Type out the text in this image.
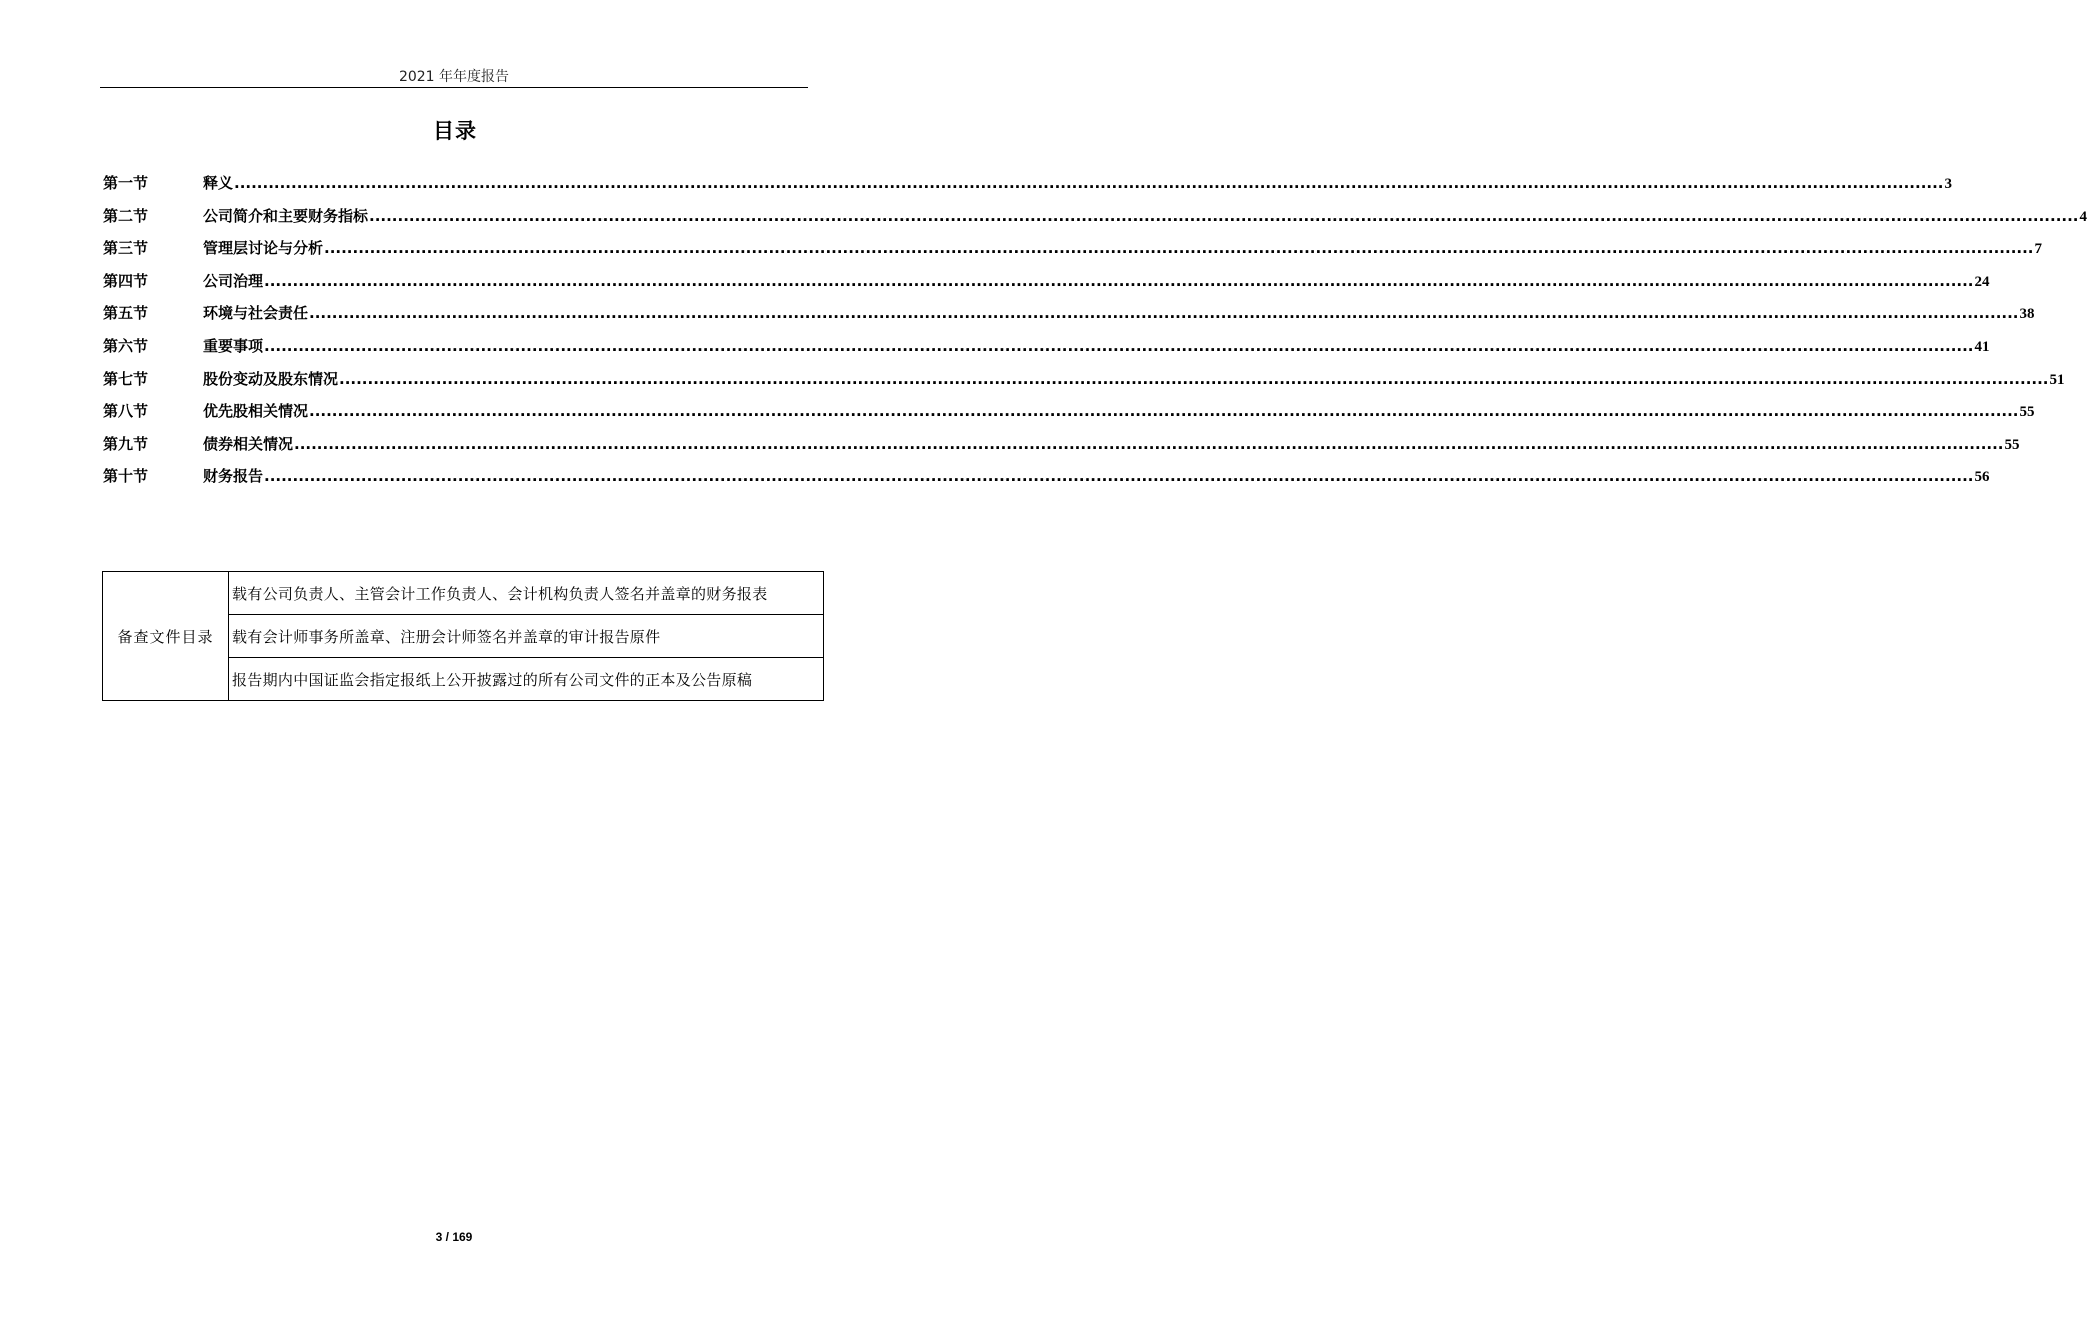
2021 年年度报告
目录
第一节	释义 ............................................................................................................................................................................................................................................................................................................ 3
第二节	公司简介和主要财务指标 ............................................................................................................................................................................................................................................................................................................ 4
第三节	管理层讨论与分析 ............................................................................................................................................................................................................................................................................................................ 7
第四节	公司治理 ............................................................................................................................................................................................................................................................................................................ 24
第五节	环境与社会责任 ............................................................................................................................................................................................................................................................................................................ 38
第六节	重要事项 ............................................................................................................................................................................................................................................................................................................ 41
第七节	股份变动及股东情况 ............................................................................................................................................................................................................................................................................................................ 51
第八节	优先股相关情况 ............................................................................................................................................................................................................................................................................................................ 55
第九节	债券相关情况 ............................................................................................................................................................................................................................................................................................................ 55
第十节	财务报告 ............................................................................................................................................................................................................................................................................................................ 56
备查文件目录	载有公司负责人、主管会计工作负责人、会计机构负责人签名并盖章的财务报表
载有会计师事务所盖章、注册会计师签名并盖章的审计报告原件
报告期内中国证监会指定报纸上公开披露过的所有公司文件的正本及公告原稿
3 / 169
